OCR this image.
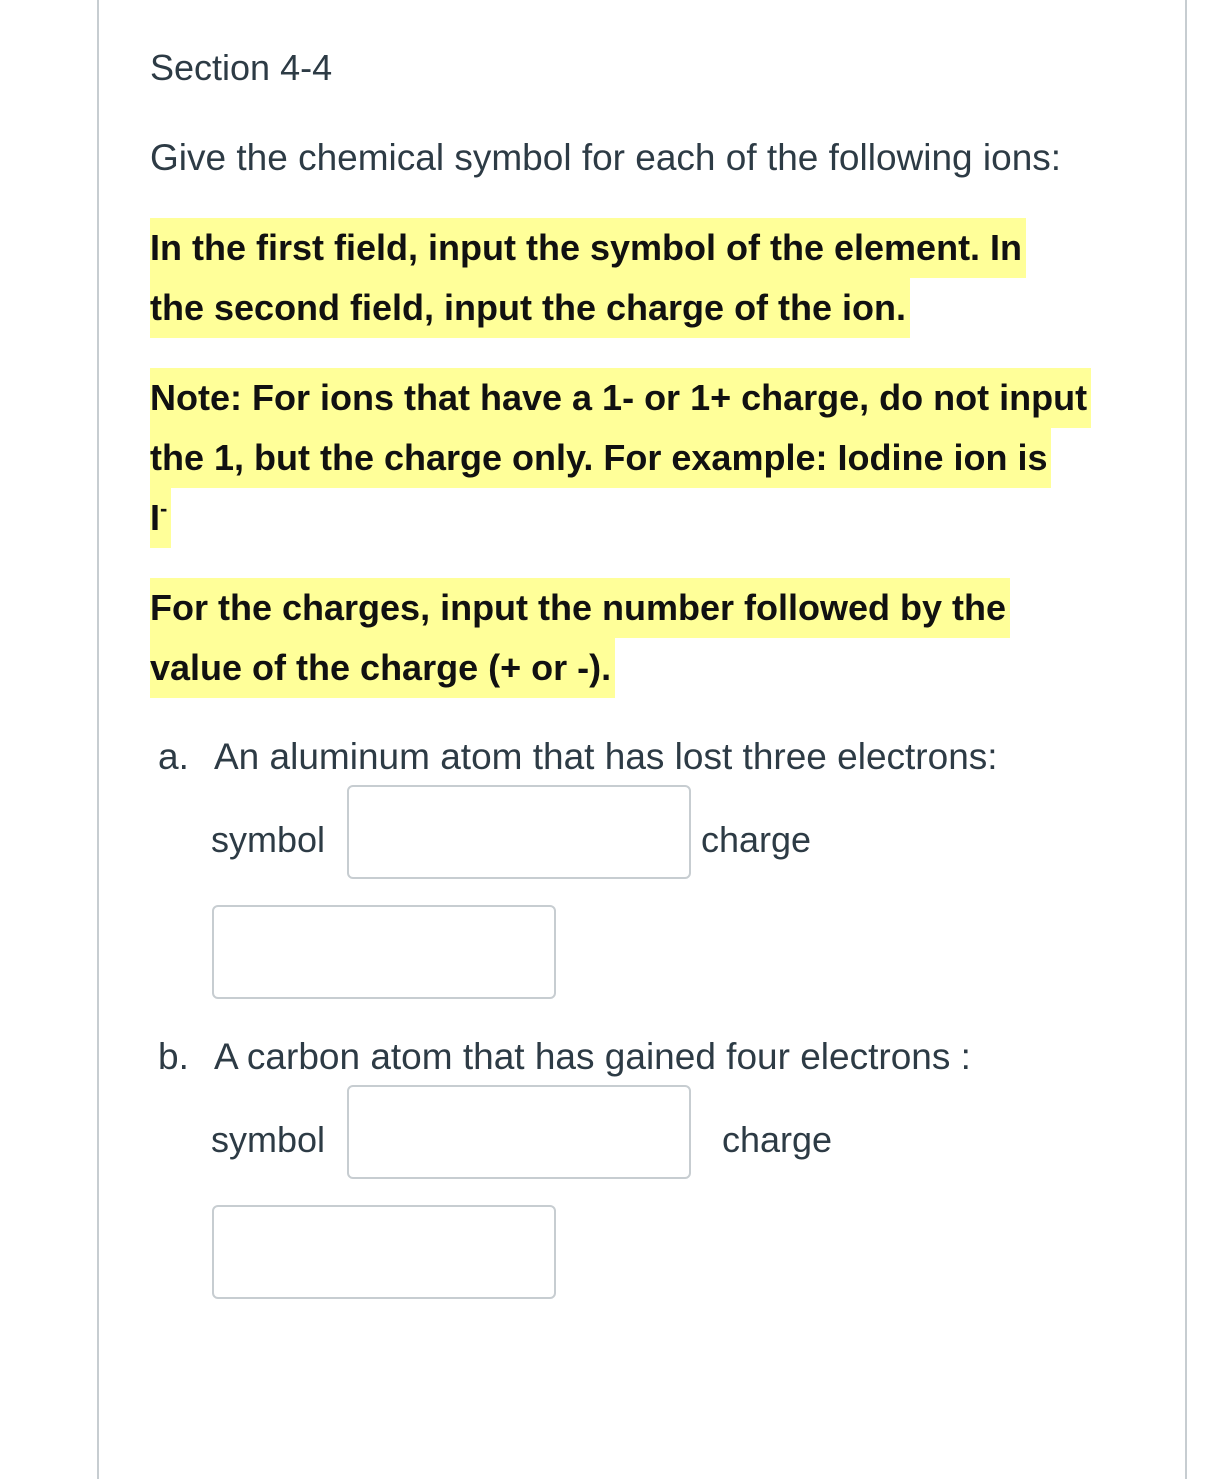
Section 4-4
Give the chemical symbol for each of the following ions:
In the first field, input the symbol of the element. In
the second field, input the charge of the ion.
Note: For ions that have a 1- or 1+ charge, do not input
the 1, but the charge only. For example: Iodine ion is
I-
For the charges, input the number followed by the
value of the charge (+ or -).
a. An aluminum atom that has lost three electrons:
symbol	charge
b. A carbon atom that has gained four electrons :
symbol	charge
